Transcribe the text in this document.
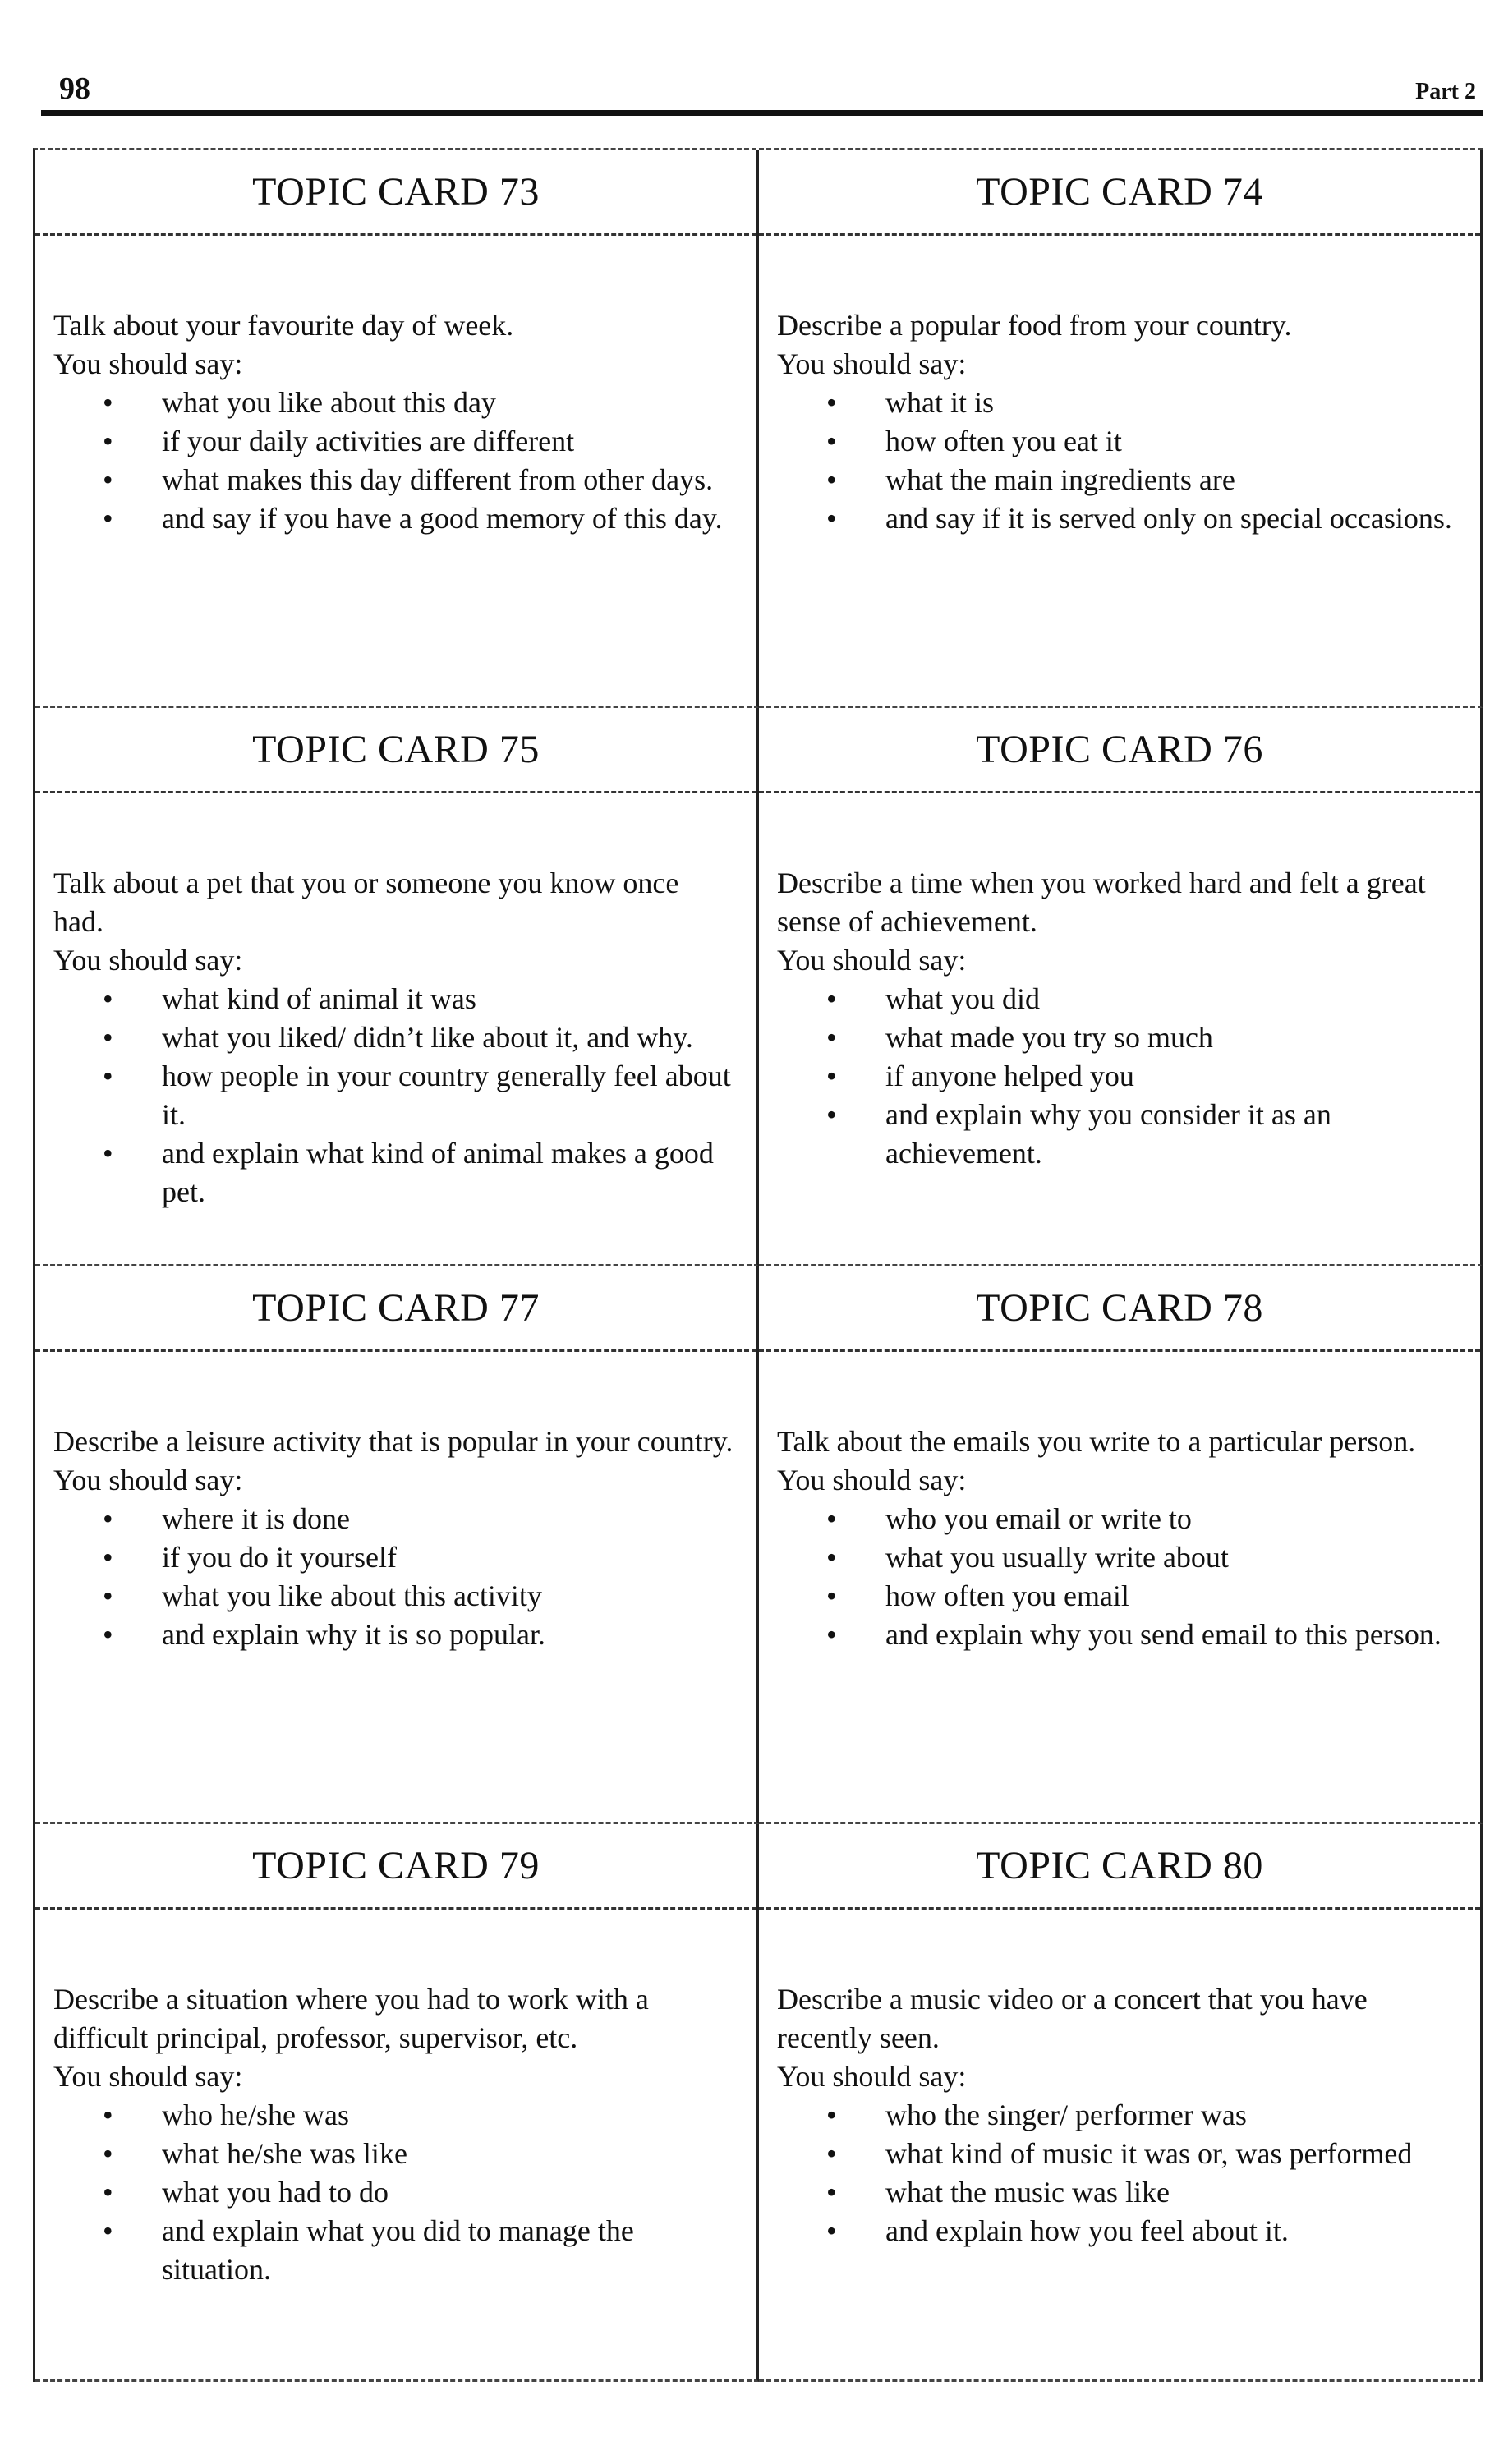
98	Part 2
TOPIC CARD 73
Talk about your favourite day of week.
You should say:
• what you like about this day
• if your daily activities are different
• what makes this day different from other days.
• and say if you have a good memory of this day.
TOPIC CARD 74
Describe a popular food from your country.
You should say:
• what it is
• how often you eat it
• what the main ingredients are
• and say if it is served only on special occasions.
TOPIC CARD 75
Talk about a pet that you or someone you know once had.
You should say:
• what kind of animal it was
• what you liked/ didn’t like about it, and why.
• how people in your country generally feel about it.
• and explain what kind of animal makes a good pet.
TOPIC CARD 76
Describe a time when you worked hard and felt a great sense of achievement.
You should say:
• what you did
• what made you try so much
• if anyone helped you
• and explain why you consider it as an achievement.
TOPIC CARD 77
Describe a leisure activity that is popular in your country.
You should say:
• where it is done
• if you do it yourself
• what you like about this activity
• and explain why it is so popular.
TOPIC CARD 78
Talk about the emails you write to a particular person.
You should say:
• who you email or write to
• what you usually write about
• how often you email
• and explain why you send email to this person.
TOPIC CARD 79
Describe a situation where you had to work with a difficult principal, professor, supervisor, etc.
You should say:
• who he/she was
• what he/she was like
• what you had to do
• and explain what you did to manage the situation.
TOPIC CARD 80
Describe a music video or a concert that you have recently seen.
You should say:
• who the singer/ performer was
• what kind of music it was or, was performed
• what the music was like
• and explain how you feel about it.
